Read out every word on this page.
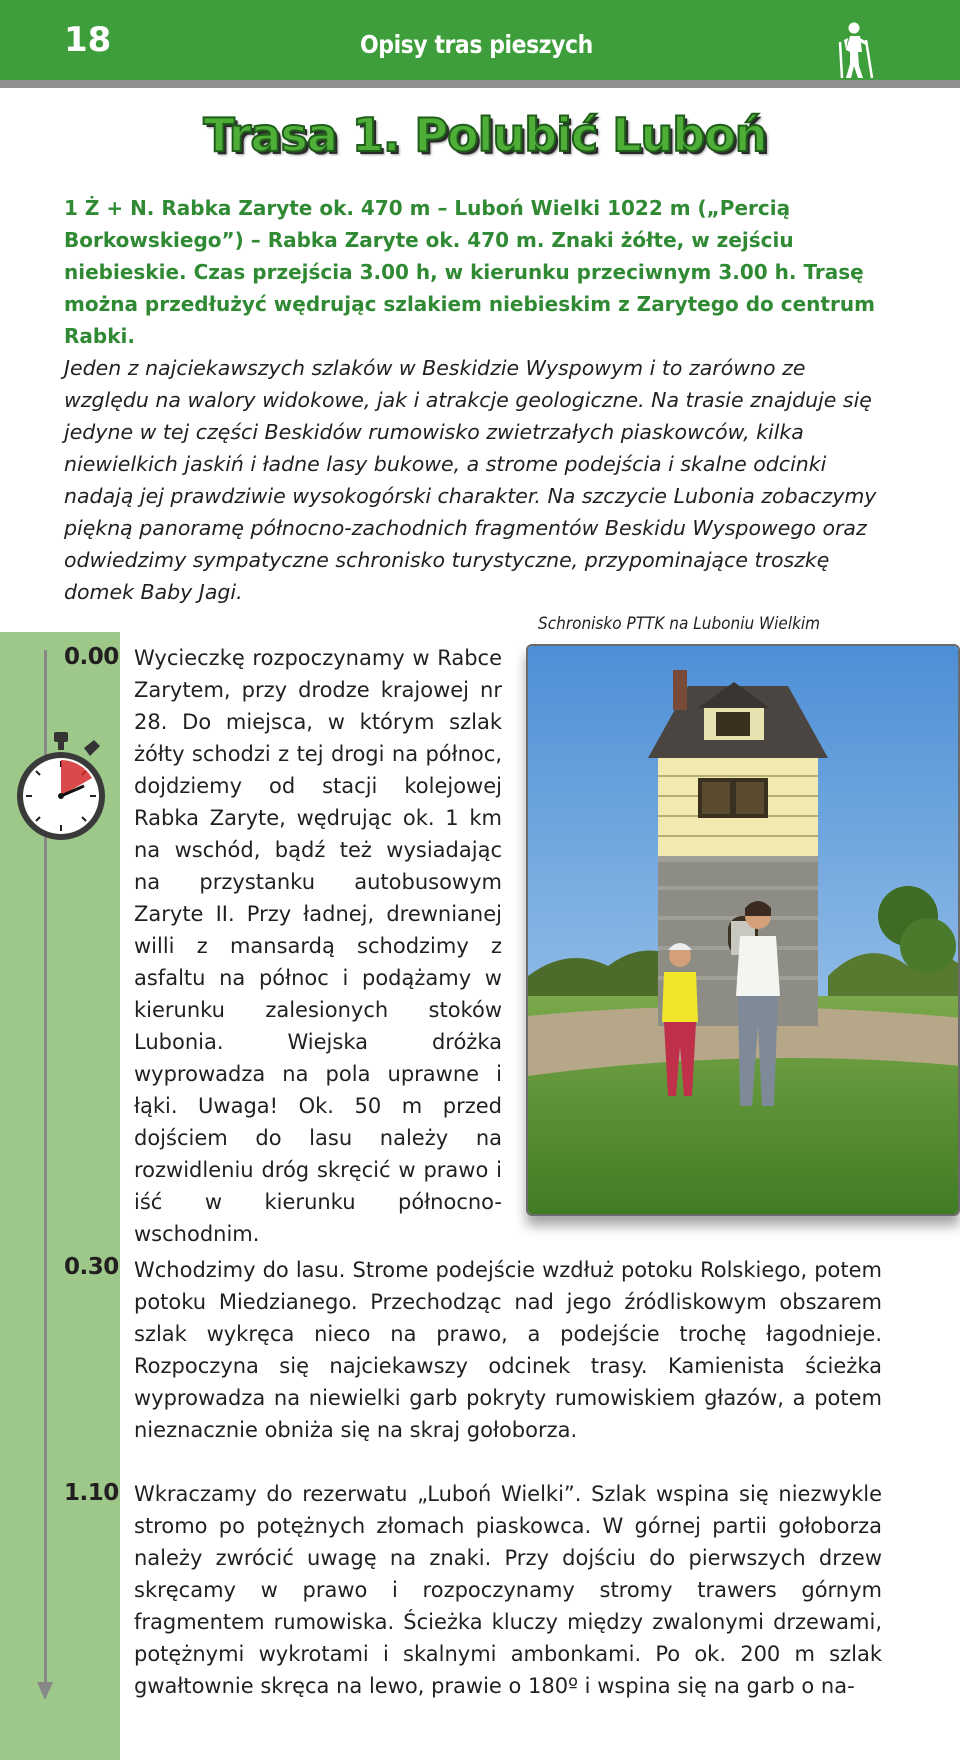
18	Opisy tras pieszych
Trasa 1. Polubić Luboń
1 Ż + N. Rabka Zaryte ok. 470 m – Luboń Wielki 1022 m („Percią Borkowskiego”) – Rabka Zaryte ok. 470 m. Znaki żółte, w zejściu niebieskie. Czas przejścia 3.00 h, w kierunku przeciwnym 3.00 h. Trasę można przedłużyć wędrując szlakiem niebieskim z Zarytego do centrum Rabki.
Jeden z najciekawszych szlaków w Beskidzie Wyspowym i to zarówno ze względu na walory widokowe, jak i atrakcje geologiczne. Na trasie znajduje się jedyne w tej części Beskidów rumowisko zwietrzałych piaskowców, kilka niewielkich jaskiń i ładne lasy bukowe, a strome podejścia i skalne odcinki nadają jej prawdziwie wysokogórski charakter. Na szczycie Lubonia zobaczymy piękną panoramę północno-zachodnich fragmentów Beskidu Wyspowego oraz odwiedzimy sympatyczne schronisko turystyczne, przypominające troszkę domek Baby Jagi.
0.00 Wycieczkę rozpoczynamy w Rabce Zarytem, przy drodze krajowej nr 28. Do miejsca, w którym szlak żółty schodzi z tej drogi na północ, dojdziemy od stacji kolejowej Rabka Zaryte, wędrując ok. 1 km na wschód, bądź też wysiadając na przystanku autobusowym Zaryte II. Przy ładnej, drewnianej willi z mansardą schodzimy z asfaltu na północ i podążamy w kierunku zalesionych stoków Lubonia. Wiejska dróżka wyprowadza na pola uprawne i łąki. Uwaga! Ok. 50 m przed dojściem do lasu należy na rozwidleniu dróg skręcić w prawo i iść w kierunku północno-wschodnim.
Schronisko PTTK na Luboniu Wielkim
0.30 Wchodzimy do lasu. Strome podejście wzdłuż potoku Rolskiego, potem potoku Miedzianego. Przechodząc nad jego źródliskowym obszarem szlak wykręca nieco na prawo, a podejście trochę łagodnieje. Rozpoczyna się najciekawszy odcinek trasy. Kamienista ścieżka wyprowadza na niewielki garb pokryty rumowiskiem głazów, a potem nieznacznie obniża się na skraj gołoborza.
1.10 Wkraczamy do rezerwatu „Luboń Wielki”. Szlak wspina się niezwykle stromo po potężnych złomach piaskowca. W górnej partii gołoborza należy zwrócić uwagę na znaki. Przy dojściu do pierwszych drzew skręcamy w prawo i rozpoczynamy stromy trawers górnym fragmentem rumowiska. Ścieżka kluczy między zwalonymi drzewami, potężnymi wykrotami i skalnymi ambonkami. Po ok. 200 m szlak gwałtownie skręca na lewo, prawie o 180º i wspina się na garb o na-
